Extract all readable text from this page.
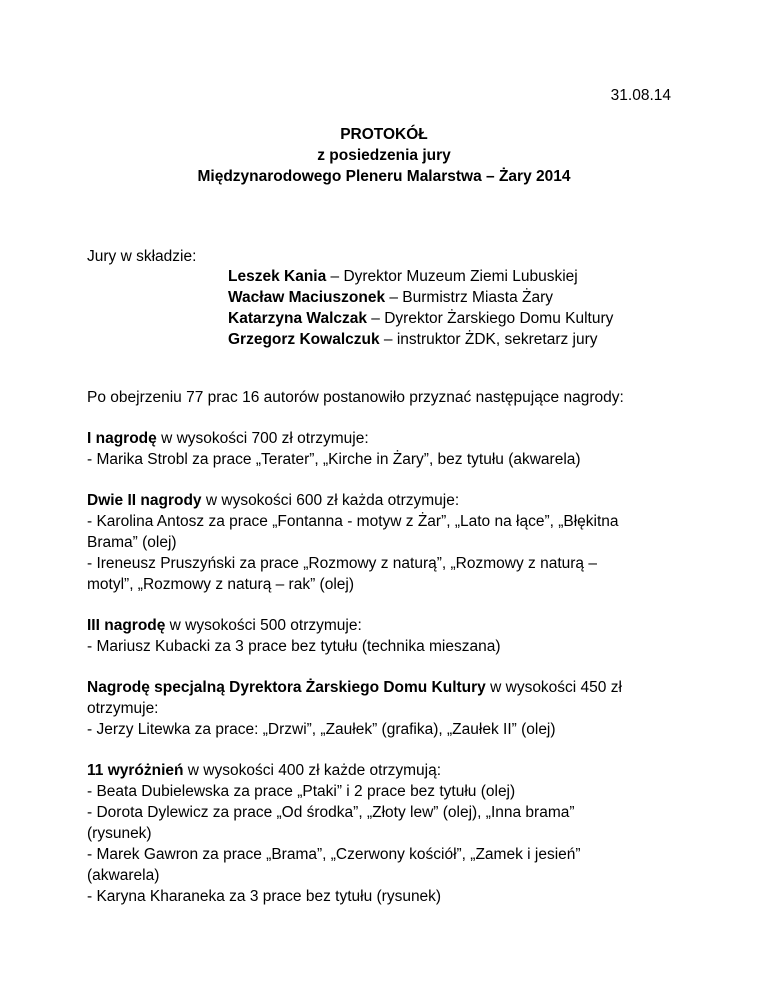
31.08.14
PROTOKÓŁ
z posiedzenia jury
Międzynarodowego Pleneru Malarstwa – Żary 2014
Jury w składzie:
Leszek Kania – Dyrektor Muzeum Ziemi Lubuskiej
Wacław Maciuszonek – Burmistrz Miasta Żary
Katarzyna Walczak – Dyrektor Żarskiego Domu Kultury
Grzegorz Kowalczuk – instruktor ŻDK, sekretarz jury

Po obejrzeniu 77 prac 16 autorów postanowiło przyznać następujące nagrody:

I nagrodę w wysokości 700 zł otrzymuje:

- Marika Strobl za prace „Terater”, „Kirche in Żary”, bez tytułu (akwarela)

Dwie II nagrody w wysokości 600 zł każda otrzymuje:

- Karolina Antosz za prace „Fontanna - motyw z Żar”, „Lato na łące”, „Błękitna

Brama” (olej)

- Ireneusz Pruszyński za prace „Rozmowy z naturą”, „Rozmowy z naturą –

motyl”, „Rozmowy z naturą – rak” (olej)

III nagrodę w wysokości 500 otrzymuje:

- Mariusz Kubacki za 3 prace bez tytułu (technika mieszana)

Nagrodę specjalną Dyrektora Żarskiego Domu Kultury w wysokości 450 zł

otrzymuje:

- Jerzy Litewka za prace: „Drzwi”, „Zaułek” (grafika), „Zaułek II” (olej)

11 wyróżnień w wysokości 400 zł każde otrzymują:

- Beata Dubielewska za prace „Ptaki” i 2 prace bez tytułu (olej)

- Dorota Dylewicz za prace „Od środka”, „Złoty lew” (olej), „Inna brama”

(rysunek)

- Marek Gawron za prace „Brama”, „Czerwony kościół”, „Zamek i jesień”

(akwarela)

- Karyna Kharaneka za 3 prace bez tytułu (rysunek)
